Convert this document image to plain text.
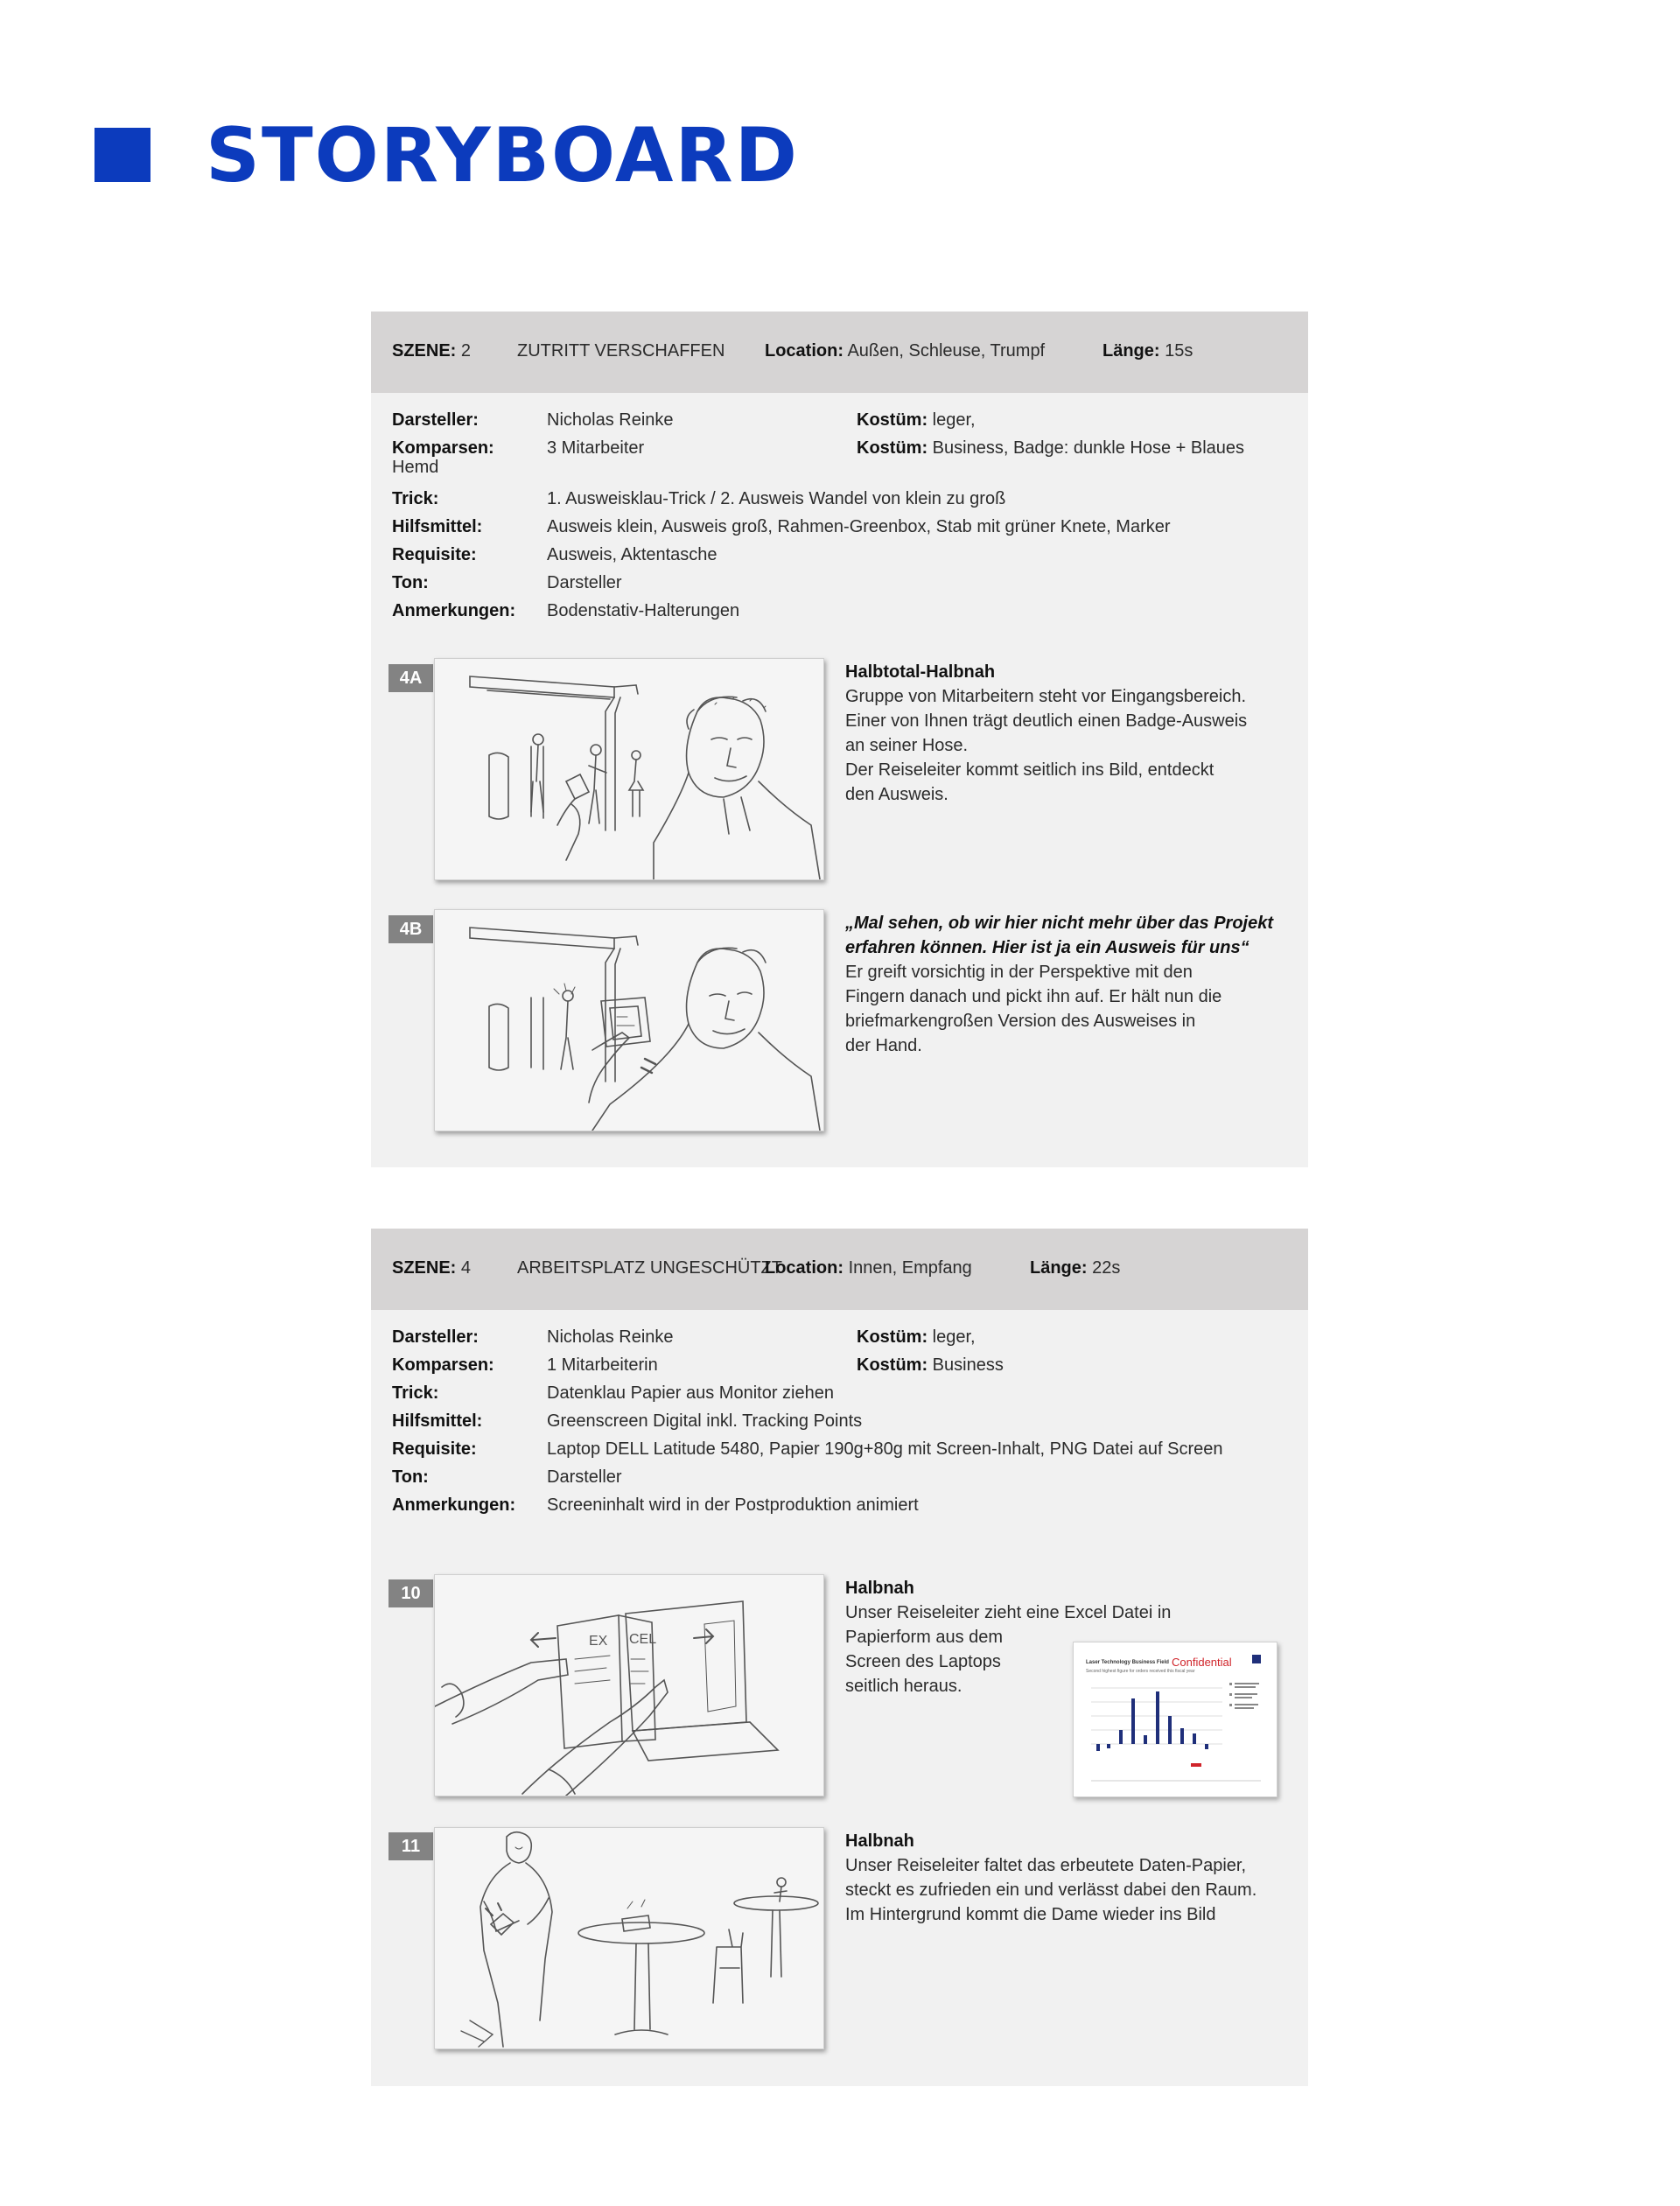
STORYBOARD
SZENE: 2	ZUTRITT VERSCHAFFEN Location: Außen, Schleuse, Trumpf	Länge: 15s
Darsteller:	Nicholas Reinke	Kostüm: leger,
Komparsen:	3 Mitarbeiter	Kostüm: Business, Badge: dunkle Hose + Blaues
Hemd
Trick:	1. Ausweisklau-Trick / 2. Ausweis Wandel von klein zu groß
Hilfsmittel:	Ausweis klein, Ausweis groß, Rahmen-Greenbox, Stab mit grüner Knete, Marker
Requisite:	Ausweis, Aktentasche
Ton:	Darsteller
Anmerkungen: Bodenstativ-Halterungen
4A	Halbtotal-Halbnah

Gruppe von Mitarbeitern steht vor Eingangsbereich.

Einer von Ihnen trägt deutlich einen Badge-Ausweis

an seiner Hose.

Der Reiseleiter kommt seitlich ins Bild, entdeckt

den Ausweis.

4B	„Mal sehen, ob wir hier nicht mehr über das Projekt

erfahren können. Hier ist ja ein Ausweis für uns“

Er greift vorsichtig in der Perspektive mit den

Fingern danach und pickt ihn auf. Er hält nun die

briefmarkengroßen Version des Ausweises in

der Hand.

SZENE: 4	ARBEITSPLATZ UNGESCHÜTZT
Location: Innen, Empfang	Länge: 22s
Darsteller:	Nicholas Reinke	Kostüm: leger,
Komparsen:	1 Mitarbeiterin	Kostüm: Business
Trick:	Datenklau Papier aus Monitor ziehen
Hilfsmittel:	Greenscreen Digital inkl. Tracking Points
Requisite:	Laptop DELL Latitude 5480, Papier 190g+80g mit Screen-Inhalt, PNG Datei auf Screen
Ton:	Darsteller
Anmerkungen: Screeninhalt wird in der Postproduktion animiert
10
EX CEL

Halbnah

Unser Reiseleiter zieht eine Excel Datei in

Papierform aus dem

Screen des Laptops

seitlich heraus.

Laser Technology Business Field Confidential
Second highest figure for orders received this fiscal year
11	Halbnah

Unser Reiseleiter faltet das erbeutete Daten-Papier,

steckt es zufrieden ein und verlässt dabei den Raum.

Im Hintergrund kommt die Dame wieder ins Bild
